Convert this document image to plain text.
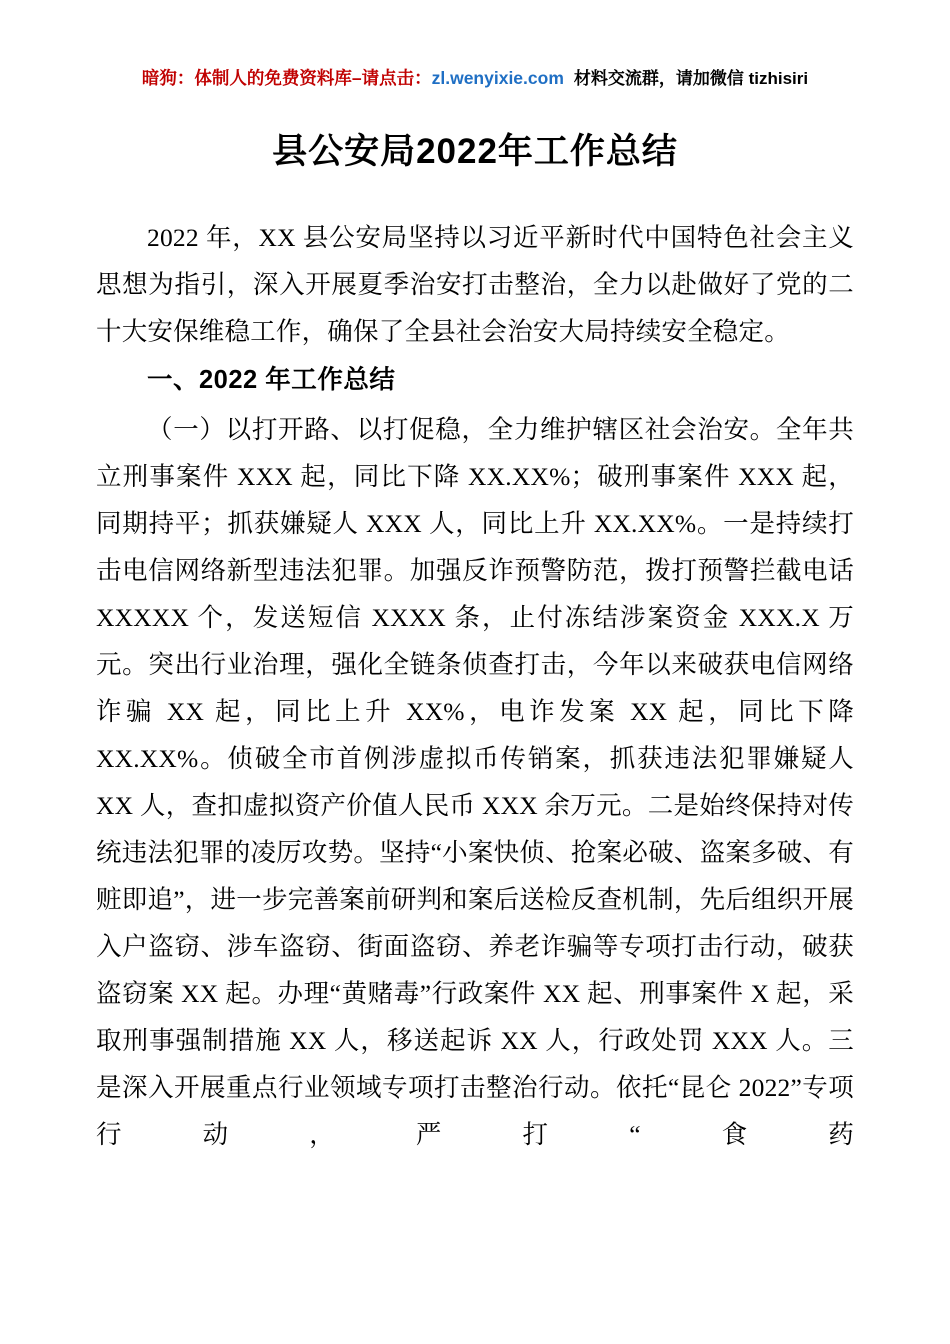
暗狗：体制人的免费资料库 –请点击： zl.wenyixie.com 材料交流群，请加微信 tizhisiri
县公安局2022年工作总结

2022 年，XX 县公安局坚持以习近平新时代中国特色社会主义思想为指引，深入开展夏季治安打击整治，全力以赴做好了党的二十大安保维稳工作，确保了全县社会治安大局持续安全稳定。

一、2022 年工作总结

（一）以打开路、以打促稳，全力维护辖区社会治安。全年共立刑事案件 XXX 起，同比下降 XX.XX%；破刑事案件 XXX 起，同期持平；抓获嫌疑人 XXX 人，同比上升 XX.XX%。一是持续打击电信网络新型违法犯罪。加强反诈预警防范，拨打预警拦截电话 XXXXX 个，发送短信 XXXX 条，止付冻结涉案资金 XXX.X 万元。突出行业治理，强化全链条侦查打击，今年以来破获电信网络诈骗 XX 起，同比上升 XX%，电诈发案 XX 起，同比下降 XX.XX%。侦破全市首例涉虚拟币传销案，抓获违法犯罪嫌疑人 XX 人，查扣虚拟资产价值人民币 XXX 余万元。二是始终保持对传统违法犯罪的凌厉攻势。坚持“小案快侦、抢案必破、盗案多破、有赃即追”，进一步完善案前研判和案后送检反查机制，先后组织开展入户盗窃、涉车盗窃、街面盗窃、养老诈骗等专项打击行动，破获盗窃案 XX 起。办理“黄赌毒”行政案件 XX 起、刑事案件 X 起，采取刑事强制措施 XX 人，移送起诉 XX 人，行政处罚 XXX 人。三是深入开展重点行业领域专项打击整治行动。依托“昆仑 2022”专项行动，严打“食药
